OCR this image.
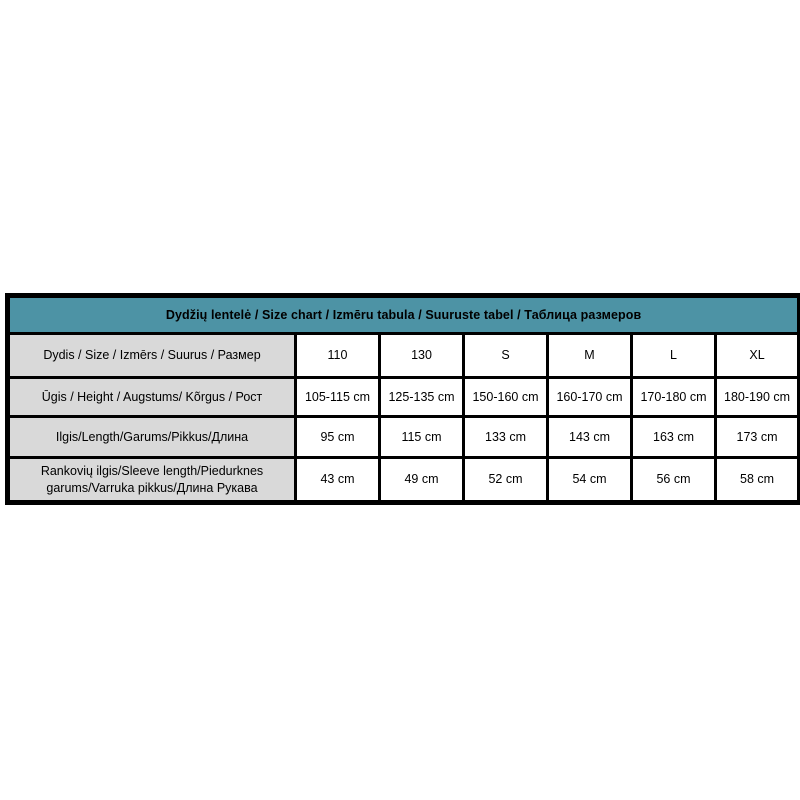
Dydžių lentelė / Size chart / Izmēru tabula / Suuruste tabel / Таблица размеров						
Dydis / Size / Izmērs / Suurus / Размер	110	130	S	M	L	XL
Ūgis / Height / Augstums/ Kõrgus / Рост	105-115 cm	125-135 cm	150-160 cm	160-170 cm	170-180 cm	180-190 cm
Ilgis/Length/Garums/Pikkus/Длина	95 cm	115 cm	133 cm	143 cm	163 cm	173 cm
Rankovių ilgis/Sleeve length/Piedurknes garums/Varruka pikkus/Длина Рукава	43 cm	49 cm	52 cm	54 cm	56 cm	58 cm
